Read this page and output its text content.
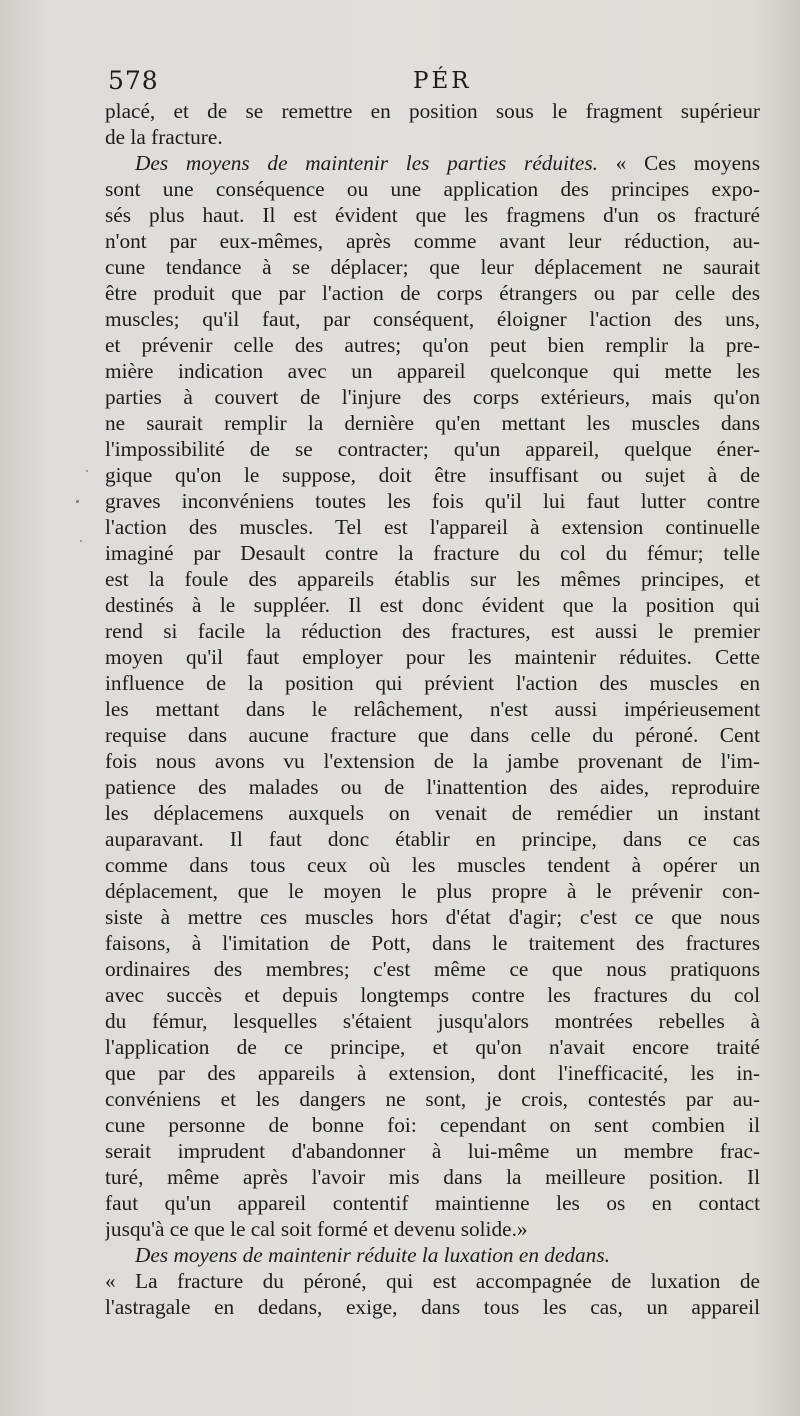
578	PÉR
placé, et de se remettre en position sous le fragment supérieur
de la fracture.
Des moyens de maintenir les parties réduites. « Ces moyens
sont une conséquence ou une application des principes expo-
sés plus haut. Il est évident que les fragmens d'un os fracturé
n'ont par eux-mêmes, après comme avant leur réduction, au-
cune tendance à se déplacer; que leur déplacement ne saurait
être produit que par l'action de corps étrangers ou par celle des
muscles; qu'il faut, par conséquent, éloigner l'action des uns,
et prévenir celle des autres; qu'on peut bien remplir la pre-
mière indication avec un appareil quelconque qui mette les
parties à couvert de l'injure des corps extérieurs, mais qu'on
ne saurait remplir la dernière qu'en mettant les muscles dans
l'impossibilité de se contracter; qu'un appareil, quelque éner-
gique qu'on le suppose, doit être insuffisant ou sujet à de
graves inconvéniens toutes les fois qu'il lui faut lutter contre
l'action des muscles. Tel est l'appareil à extension continuelle
imaginé par Desault contre la fracture du col du fémur; telle
est la foule des appareils établis sur les mêmes principes, et
destinés à le suppléer. Il est donc évident que la position qui
rend si facile la réduction des fractures, est aussi le premier
moyen qu'il faut employer pour les maintenir réduites. Cette
influence de la position qui prévient l'action des muscles en
les mettant dans le relâchement, n'est aussi impérieusement
requise dans aucune fracture que dans celle du péroné. Cent
fois nous avons vu l'extension de la jambe provenant de l'im-
patience des malades ou de l'inattention des aides, reproduire
les déplacemens auxquels on venait de remédier un instant
auparavant. Il faut donc établir en principe, dans ce cas
comme dans tous ceux où les muscles tendent à opérer un
déplacement, que le moyen le plus propre à le prévenir con-
siste à mettre ces muscles hors d'état d'agir; c'est ce que nous
faisons, à l'imitation de Pott, dans le traitement des fractures
ordinaires des membres; c'est même ce que nous pratiquons
avec succès et depuis longtemps contre les fractures du col
du fémur, lesquelles s'étaient jusqu'alors montrées rebelles à
l'application de ce principe, et qu'on n'avait encore traité
que par des appareils à extension, dont l'inefficacité, les in-
convéniens et les dangers ne sont, je crois, contestés par au-
cune personne de bonne foi: cependant on sent combien il
serait imprudent d'abandonner à lui-même un membre frac-
turé, même après l'avoir mis dans la meilleure position. Il
faut qu'un appareil contentif maintienne les os en contact
jusqu'à ce que le cal soit formé et devenu solide.»
Des moyens de maintenir réduite la luxation en dedans.
« La fracture du péroné, qui est accompagnée de luxation de
l'astragale en dedans, exige, dans tous les cas, un appareil
